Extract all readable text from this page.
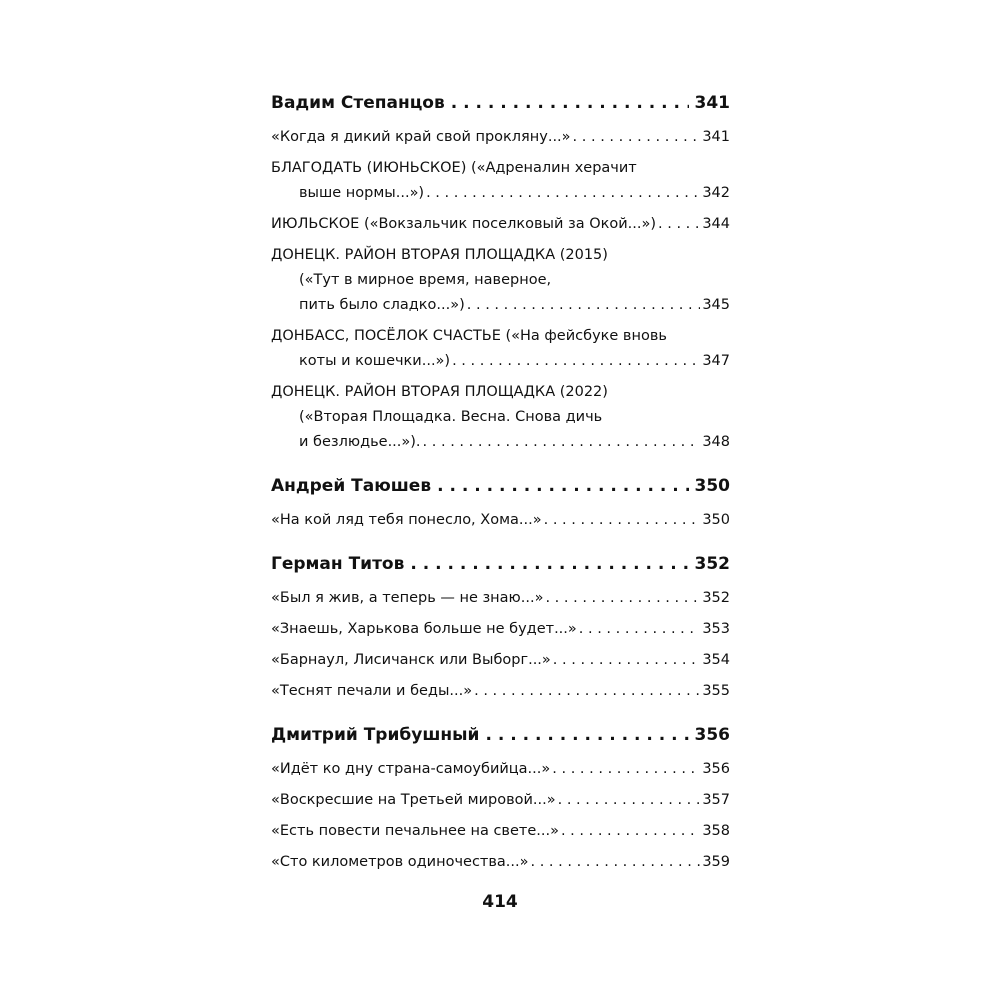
Вадим Степанцов . . .	341
«Когда я дикий край свой прокляну...» . . .	341
БЛАГОДАТЬ (ИЮНЬСКОЕ) («Адреналин херачит
выше нормы...») . . .	342
ИЮЛЬСКОЕ («Вокзальчик поселковый за Окой...») . . .	344
ДОНЕЦК. РАЙОН ВТОРАЯ ПЛОЩАДКА (2015)
(«Тут в мирное время, наверное,
пить было сладко...») . . .	345
ДОНБАСС, ПОСЁЛОК СЧАСТЬЕ («На фейсбуке вновь
коты и кошечки...») . . .	347
ДОНЕЦК. РАЙОН ВТОРАЯ ПЛОЩАДКА (2022)
(«Вторая Площадка. Весна. Снова дичь
и безлюдье...»). . . .	348
Андрей Таюшев . . .	350
«На кой ляд тебя понесло, Хома...» . . .	350
Герман Титов . . .	352
«Был я жив, а теперь — не знаю...» . . .	352
«Знаешь, Харькова больше не будет...» . . .	353
«Барнаул, Лисичанск или Выборг...» . . .	354
«Теснят печали и беды...» . . .	355
Дмитрий Трибушный . . .	356
«Идёт ко дну страна-самоубийца...» . . .	356
«Воскресшие на Третьей мировой...» . . .	357
«Есть повести печальнее на свете...» . . .	358
«Сто километров одиночества...» . . .	359
414
